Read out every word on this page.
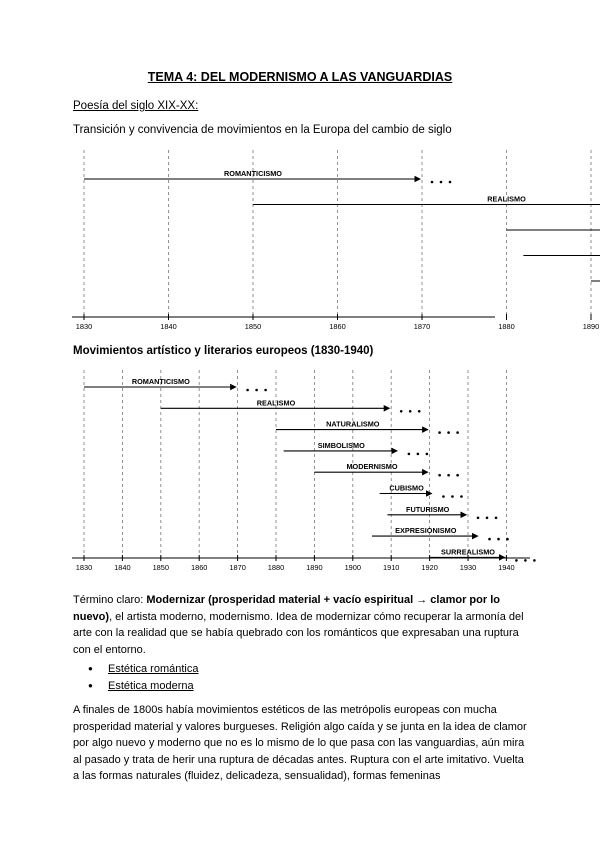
TEMA 4: DEL MODERNISMO A LAS VANGUARDIAS
Poesía del siglo XIX-XX:
Transición y convivencia de movimientos en la Europa del cambio de siglo
1830	1840	1850	1860	1870	1880	1890
ROMANTICISMO
REALISMO
Movimientos artístico y literarios europeos (1830-1940)
1830	1840	1850	1860	1870	1880	1890	1900	1910	1920	1930	1940
ROMANTICISMO
REALISMO
NATURALISMO
SIMBOLISMO
MODERNISMO
CUBISMO
FUTURISMO
EXPRESIONISMO
SURREALISMO
Término claro: Modernizar (prosperidad material + vacío espiritual → clamor por lo nuevo), el artista moderno, modernismo. Idea de modernizar cómo recuperar la armonía del arte con la realidad que se había quebrado con los románticos que expresaban una ruptura con el entorno.
● Estética romántica
● Estética moderna
A finales de 1800s había movimientos estéticos de las metrópolis europeas con mucha prosperidad material y valores burgueses. Religión algo caída y se junta en la idea de clamor por algo nuevo y moderno que no es lo mismo de lo que pasa con las vanguardias, aún mira al pasado y trata de herir una ruptura de décadas antes. Ruptura con el arte imitativo. Vuelta a las formas naturales (fluidez, delicadeza, sensualidad), formas femeninas
